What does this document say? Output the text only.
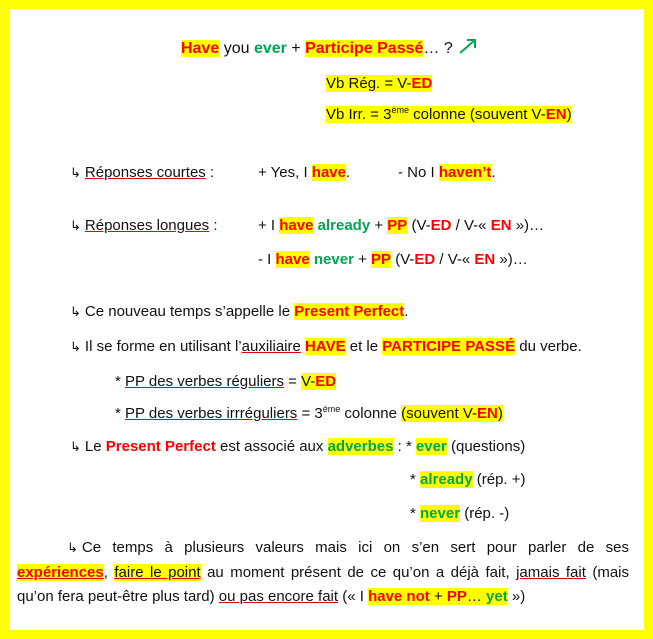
Have you ever + Participe Passé… ?
Vb Rég. = V-ED
Vb Irr. = 3ème colonne (souvent V-EN)
↳ Réponses courtes :	+ Yes, I have.	- No I haven’t.
↳ Réponses longues :	+ I have already + PP (V-ED / V-« EN »)…
- I have never + PP (V-ED / V-« EN »)…
↳ Ce nouveau temps s’appelle le Present Perfect.
↳ Il se forme en utilisant l’auxiliaire HAVE et le PARTICIPE PASSÉ du verbe.
* PP des verbes réguliers = V-ED
* PP des verbes irrréguliers = 3ème colonne (souvent V-EN)
↳ Le Present Perfect est associé aux adverbes : * ever (questions)
* already (rép. +)
* never (rép. -)
↳ Ce temps à plusieurs valeurs mais ici on s’en sert pour parler de ses expériences, faire le point au moment présent de ce qu’on a déjà fait, jamais fait (mais qu’on fera peut-être plus tard) ou pas encore fait (« I have not + PP… yet »)
